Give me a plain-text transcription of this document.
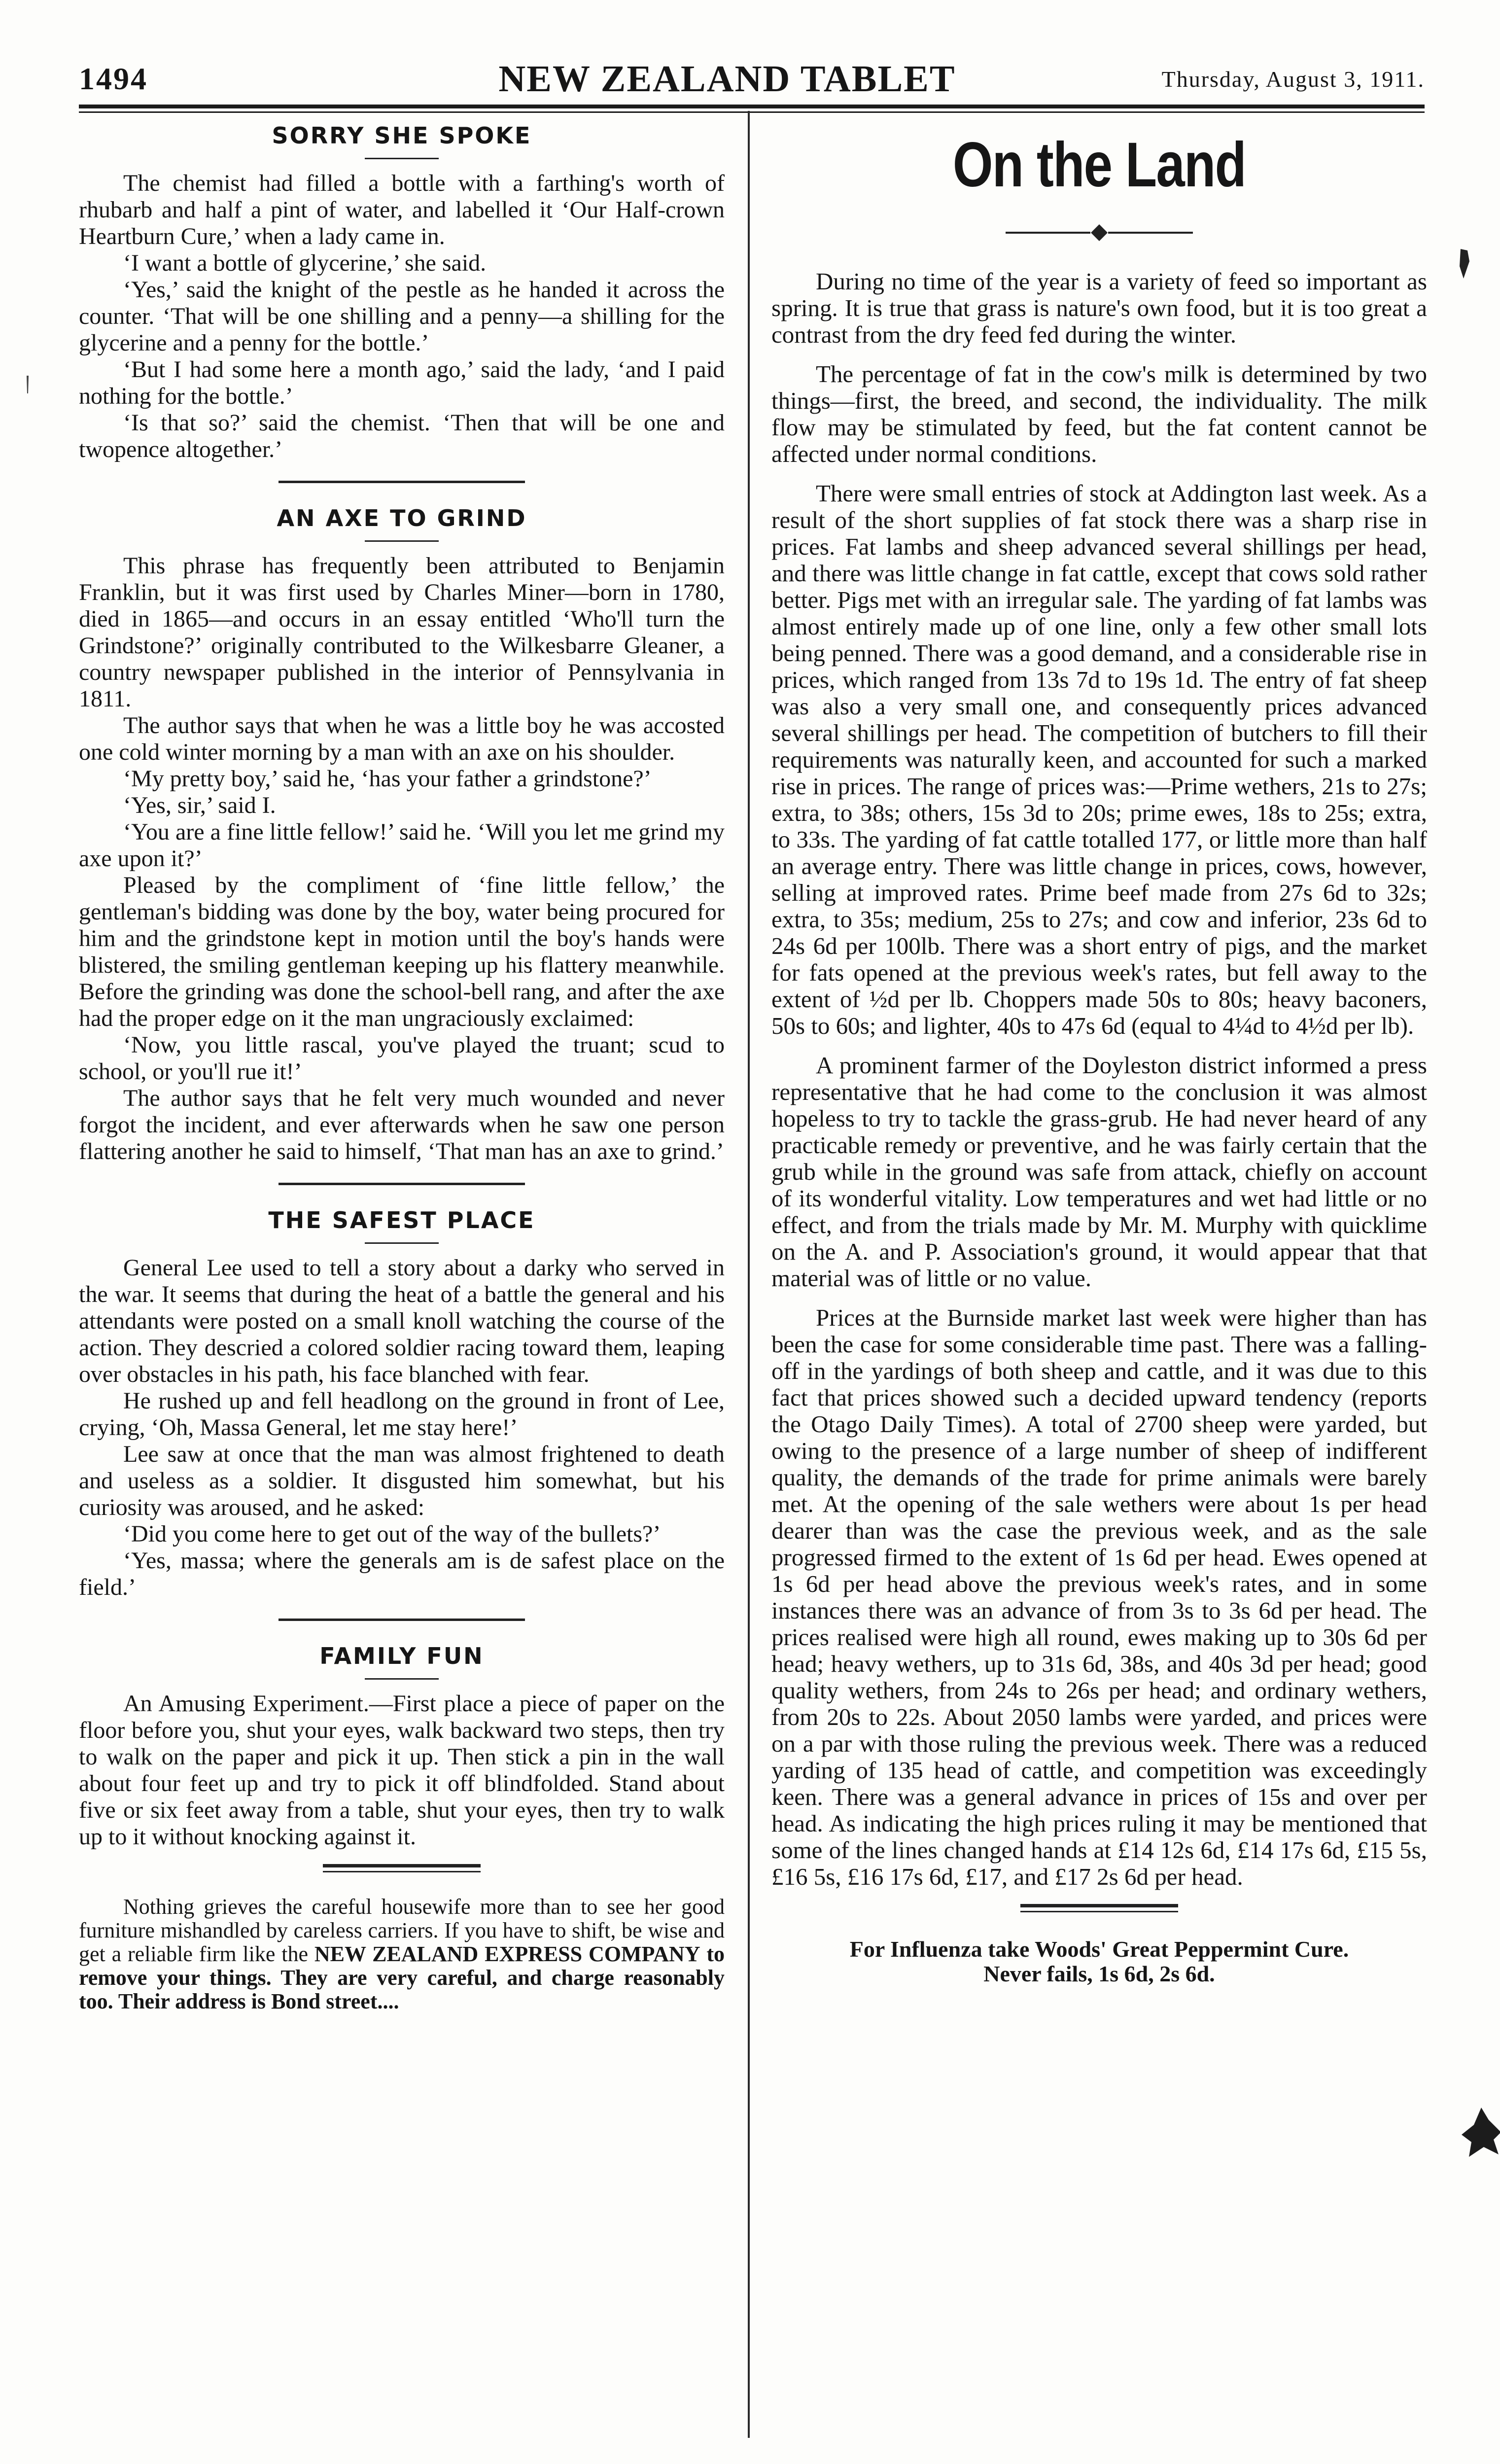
1494	NEW ZEALAND TABLET	Thursday, August 3, 1911.
SORRY SHE SPOKE

The chemist had filled a bottle with a farthing's worth of rhubarb and half a pint of water, and labelled it ‘Our Half-crown Heartburn Cure,’ when a lady came in.

‘I want a bottle of glycerine,’ she said.

‘Yes,’ said the knight of the pestle as he handed it across the counter. ‘That will be one shilling and a penny—a shilling for the glycerine and a penny for the bottle.’

‘But I had some here a month ago,’ said the lady, ‘and I paid nothing for the bottle.’

‘Is that so?’ said the chemist. ‘Then that will be one and twopence altogether.’

AN AXE TO GRIND

This phrase has frequently been attributed to Benjamin Franklin, but it was first used by Charles Miner—born in 1780, died in 1865—and occurs in an essay entitled ‘Who'll turn the Grindstone?’ originally contributed to the Wilkesbarre Gleaner, a country newspaper published in the interior of Pennsylvania in 1811.

The author says that when he was a little boy he was accosted one cold winter morning by a man with an axe on his shoulder.

‘My pretty boy,’ said he, ‘has your father a grindstone?’

‘Yes, sir,’ said I.

‘You are a fine little fellow!’ said he. ‘Will you let me grind my axe upon it?’

Pleased by the compliment of ‘fine little fellow,’ the gentleman's bidding was done by the boy, water being procured for him and the grindstone kept in motion until the boy's hands were blistered, the smiling gentleman keeping up his flattery meanwhile. Before the grinding was done the school-bell rang, and after the axe had the proper edge on it the man ungraciously exclaimed:

‘Now, you little rascal, you've played the truant; scud to school, or you'll rue it!’

The author says that he felt very much wounded and never forgot the incident, and ever afterwards when he saw one person flattering another he said to himself, ‘That man has an axe to grind.’

THE SAFEST PLACE

General Lee used to tell a story about a darky who served in the war. It seems that during the heat of a battle the general and his attendants were posted on a small knoll watching the course of the action. They descried a colored soldier racing toward them, leaping over obstacles in his path, his face blanched with fear.

He rushed up and fell headlong on the ground in front of Lee, crying, ‘Oh, Massa General, let me stay here!’

Lee saw at once that the man was almost frightened to death and useless as a soldier. It disgusted him somewhat, but his curiosity was aroused, and he asked:

‘Did you come here to get out of the way of the bullets?’

‘Yes, massa; where the generals am is de safest place on the field.’

FAMILY FUN

An Amusing Experiment.—First place a piece of paper on the floor before you, shut your eyes, walk backward two steps, then try to walk on the paper and pick it up. Then stick a pin in the wall about four feet up and try to pick it off blindfolded. Stand about five or six feet away from a table, shut your eyes, then try to walk up to it without knocking against it.

Nothing grieves the careful housewife more than to see her good furniture mishandled by careless carriers. If you have to shift, be wise and get a reliable firm like the NEW ZEALAND EXPRESS COMPANY to remove your things. They are very careful, and charge reasonably too. Their address is Bond street....

On the Land

During no time of the year is a variety of feed so important as spring. It is true that grass is nature's own food, but it is too great a contrast from the dry feed fed during the winter.

The percentage of fat in the cow's milk is determined by two things—first, the breed, and second, the individuality. The milk flow may be stimulated by feed, but the fat content cannot be affected under normal conditions.

There were small entries of stock at Addington last week. As a result of the short supplies of fat stock there was a sharp rise in prices. Fat lambs and sheep advanced several shillings per head, and there was little change in fat cattle, except that cows sold rather better. Pigs met with an irregular sale. The yarding of fat lambs was almost entirely made up of one line, only a few other small lots being penned. There was a good demand, and a considerable rise in prices, which ranged from 13s 7d to 19s 1d. The entry of fat sheep was also a very small one, and consequently prices advanced several shillings per head. The competition of butchers to fill their requirements was naturally keen, and accounted for such a marked rise in prices. The range of prices was:—Prime wethers, 21s to 27s; extra, to 38s; others, 15s 3d to 20s; prime ewes, 18s to 25s; extra, to 33s. The yarding of fat cattle totalled 177, or little more than half an average entry. There was little change in prices, cows, however, selling at improved rates. Prime beef made from 27s 6d to 32s; extra, to 35s; medium, 25s to 27s; and cow and inferior, 23s 6d to 24s 6d per 100lb. There was a short entry of pigs, and the market for fats opened at the previous week's rates, but fell away to the extent of ½d per lb. Choppers made 50s to 80s; heavy baconers, 50s to 60s; and lighter, 40s to 47s 6d (equal to 4¼d to 4½d per lb).

A prominent farmer of the Doyleston district informed a press representative that he had come to the conclusion it was almost hopeless to try to tackle the grass-grub. He had never heard of any practicable remedy or preventive, and he was fairly certain that the grub while in the ground was safe from attack, chiefly on account of its wonderful vitality. Low temperatures and wet had little or no effect, and from the trials made by Mr. M. Murphy with quicklime on the A. and P. Association's ground, it would appear that that material was of little or no value.

Prices at the Burnside market last week were higher than has been the case for some considerable time past. There was a falling-off in the yardings of both sheep and cattle, and it was due to this fact that prices showed such a decided upward tendency (reports the Otago Daily Times). A total of 2700 sheep were yarded, but owing to the presence of a large number of sheep of indifferent quality, the demands of the trade for prime animals were barely met. At the opening of the sale wethers were about 1s per head dearer than was the case the previous week, and as the sale progressed firmed to the extent of 1s 6d per head. Ewes opened at 1s 6d per head above the previous week's rates, and in some instances there was an advance of from 3s to 3s 6d per head. The prices realised were high all round, ewes making up to 30s 6d per head; heavy wethers, up to 31s 6d, 38s, and 40s 3d per head; good quality wethers, from 24s to 26s per head; and ordinary wethers, from 20s to 22s. About 2050 lambs were yarded, and prices were on a par with those ruling the previous week. There was a reduced yarding of 135 head of cattle, and competition was exceedingly keen. There was a general advance in prices of 15s and over per head. As indicating the high prices ruling it may be mentioned that some of the lines changed hands at £14 12s 6d, £14 17s 6d, £15 5s, £16 5s, £16 17s 6d, £17, and £17 2s 6d per head.

For Influenza take Woods' Great Peppermint Cure.
Never fails, 1s 6d, 2s 6d.
